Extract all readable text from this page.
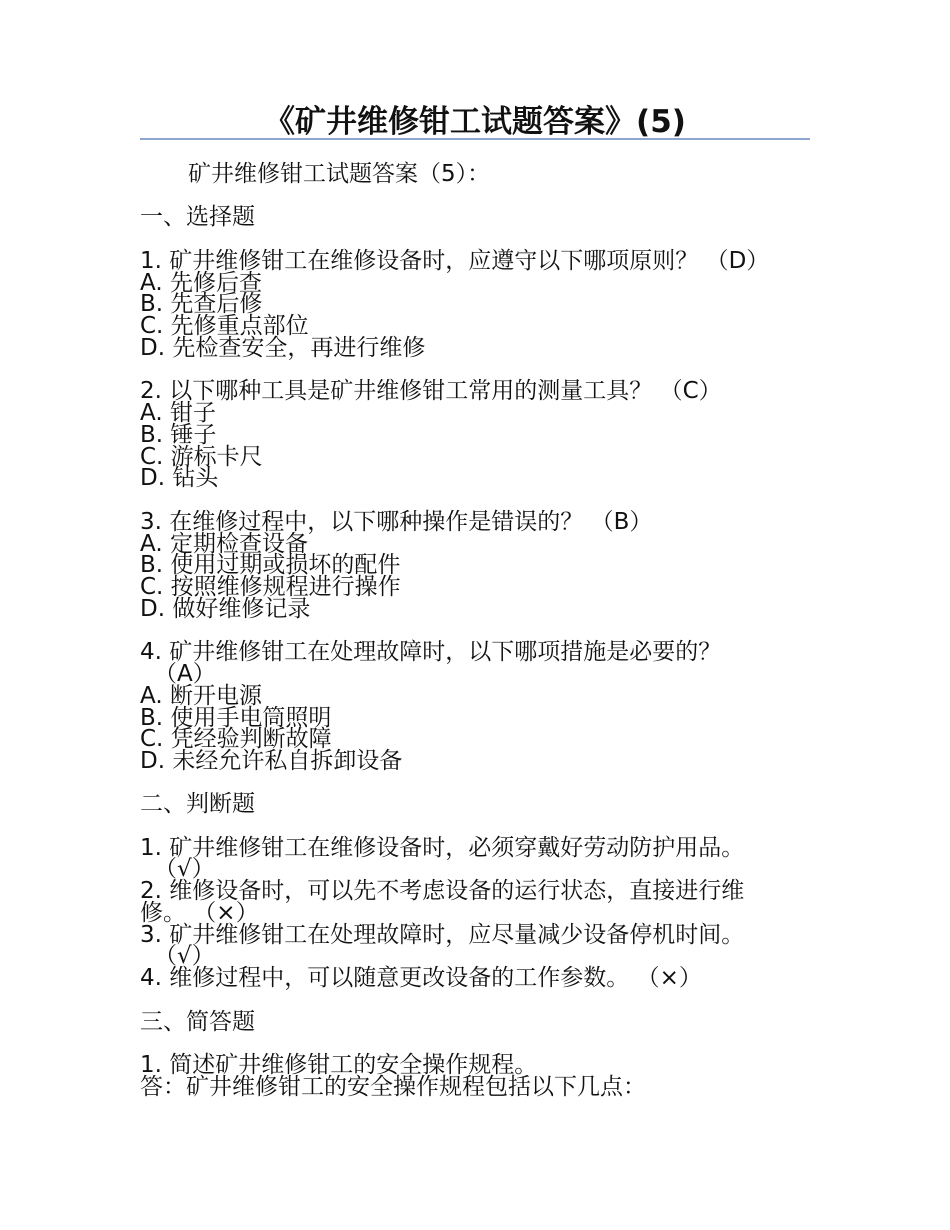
《矿井维修钳工试题答案》(5)
矿井维修钳工试题答案（5）：
一、选择题
1. 矿井维修钳工在维修设备时，应遵守以下哪项原则？ （D）
A. 先修后查
B. 先查后修
C. 先修重点部位
D. 先检查安全，再进行维修
2. 以下哪种工具是矿井维修钳工常用的测量工具？ （C）
A. 钳子
B. 锤子
C. 游标卡尺
D. 钻头
3. 在维修过程中，以下哪种操作是错误的？ （B）
A. 定期检查设备
B. 使用过期或损坏的配件
C. 按照维修规程进行操作
D. 做好维修记录
4. 矿井维修钳工在处理故障时，以下哪项措施是必要的？
（A）
A. 断开电源
B. 使用手电筒照明
C. 凭经验判断故障
D. 未经允许私自拆卸设备
二、判断题
1. 矿井维修钳工在维修设备时，必须穿戴好劳动防护用品。
（√）
2. 维修设备时，可以先不考虑设备的运行状态，直接进行维
修。 （×）
3. 矿井维修钳工在处理故障时，应尽量减少设备停机时间。
（√）
4. 维修过程中，可以随意更改设备的工作参数。 （×）
三、简答题
1. 简述矿井维修钳工的安全操作规程。
答：矿井维修钳工的安全操作规程包括以下几点：
